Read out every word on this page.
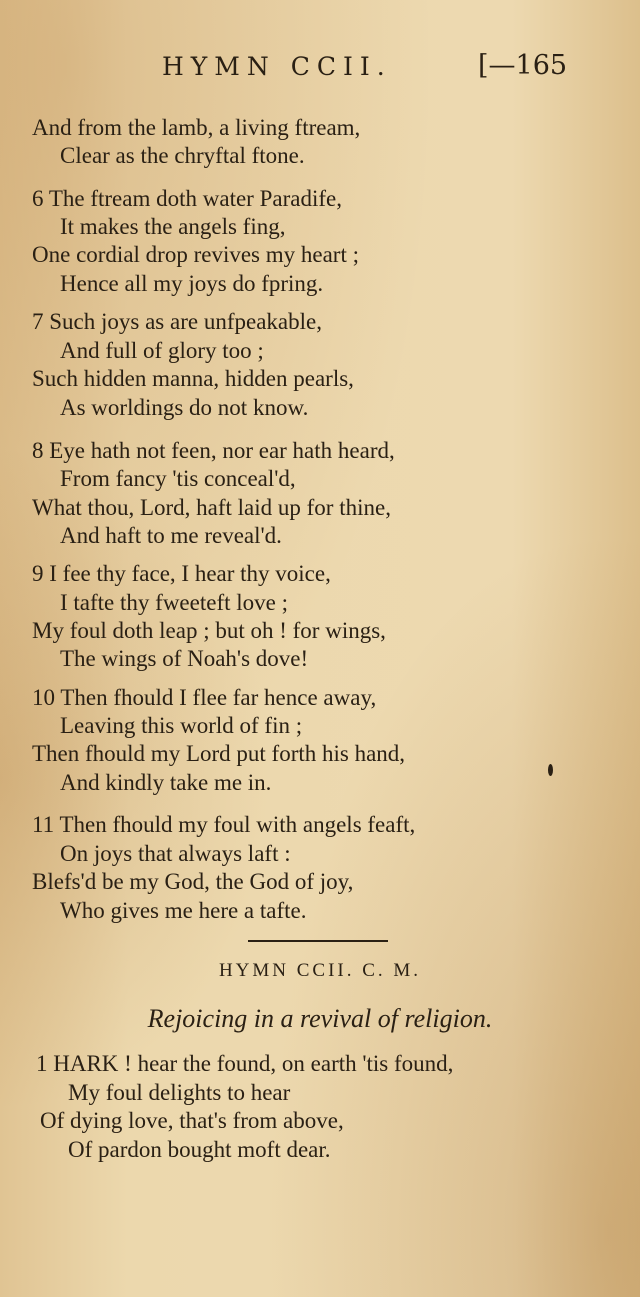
HYMN CCII.	[—165
And from the lamb, a living ftream,
Clear as the chryftal ftone.
6 The ftream doth water Paradife,
It makes the angels fing,
One cordial drop revives my heart ;
Hence all my joys do fpring.
7 Such joys as are unfpeakable,
And full of glory too ;
Such hidden manna, hidden pearls,
As worldings do not know.
8 Eye hath not feen, nor ear hath heard,
From fancy 'tis conceal'd,
What thou, Lord, haft laid up for thine,
And haft to me reveal'd.
9 I fee thy face, I hear thy voice,
I tafte thy fweeteft love ;
My foul doth leap ; but oh ! for wings,
The wings of Noah's dove!
10 Then fhould I flee far hence away,
Leaving this world of fin ;
Then fhould my Lord put forth his hand,
And kindly take me in.
11 Then fhould my foul with angels feaft,
On joys that always laft :
Blefs'd be my God, the God of joy,
Who gives me here a tafte.
HYMN CCII. C. M.
Rejoicing in a revival of religion.
1 HARK ! hear the found, on earth 'tis found,
My foul delights to hear
Of dying love, that's from above,
Of pardon bought moft dear.
